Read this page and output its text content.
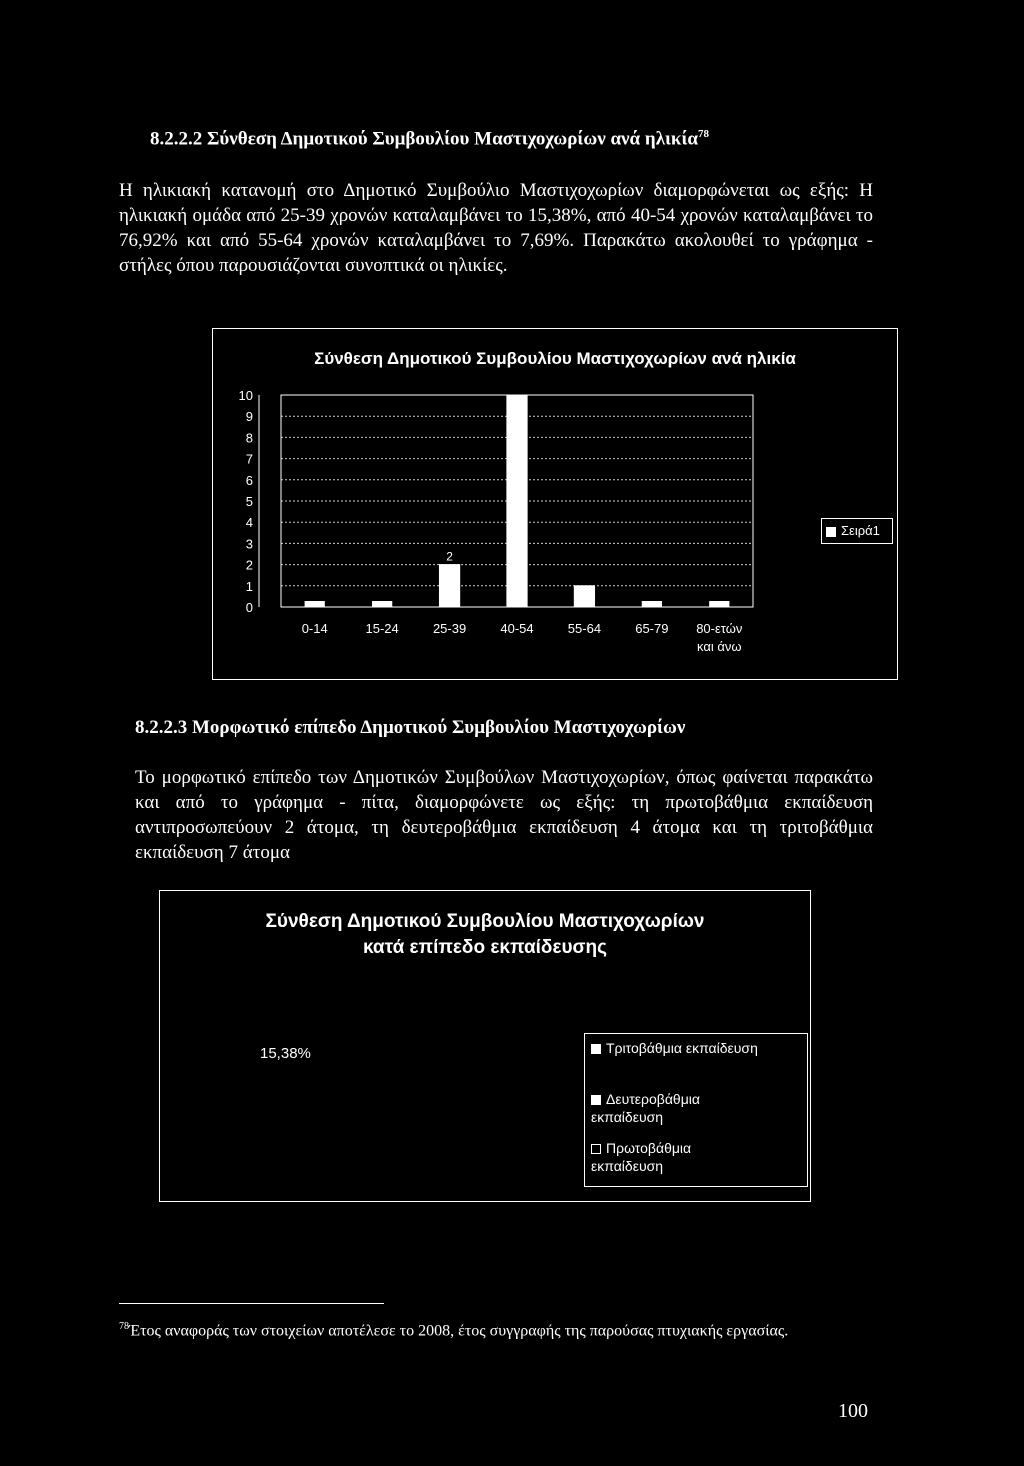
8.2.2.2 Σύνθεση Δημοτικού Συμβουλίου Μαστιχοχωρίων ανά ηλικία$^{78}$

Η ηλικιακή κατανομή στο Δημοτικό Συμβούλιο Μαστιχοχωρίων διαμορφώνεται ως εξής: Η ηλικιακή ομάδα από 25-39 χρονών καταλαμβάνει το 15,38%, από 40-54 χρονών καταλαμβάνει το 76,92% και από 55-64 χρονών καταλαμβάνει το 7,69%. Παρακάτω ακολουθεί το γράφημα - στήλες όπου παρουσιάζονται συνοπτικά οι ηλικίες.

Σύνθεση Δημοτικού Συμβουλίου Μαστιχοχωρίων ανά ηλικία
0
1
2
3
4
5
6
7
8
9
10
0-14	15-24
2
25-39	40-54	55-64	65-79 80-ετών
και άνω
Σειρά1
8.2.2.3 Μορφωτικό επίπεδο Δημοτικού Συμβουλίου Μαστιχοχωρίων

Το μορφωτικό επίπεδο των Δημοτικών Συμβούλων Μαστιχοχωρίων, όπως φαίνεται παρακάτω και από το γράφημα - πίτα, διαμορφώνετε ως εξής: τη πρωτοβάθμια εκπαίδευση αντιπροσωπεύουν 2 άτομα, τη δευτεροβάθμια εκπαίδευση 4 άτομα και τη τριτοβάθμια εκπαίδευση 7 άτομα

Σύνθεση Δημοτικού Συμβουλίου Μαστιχοχωρίων
κατά επίπεδο εκπαίδευσης
15,38%	Τριτοβάθμια εκπαίδευση
Δευτεροβάθμια εκπαίδευση
Πρωτοβάθμια εκπαίδευση
$^{78}$Έτος αναφοράς των στοιχείων αποτέλεσε το 2008, έτος συγγραφής της παρούσας πτυχιακής εργασίας.
100
